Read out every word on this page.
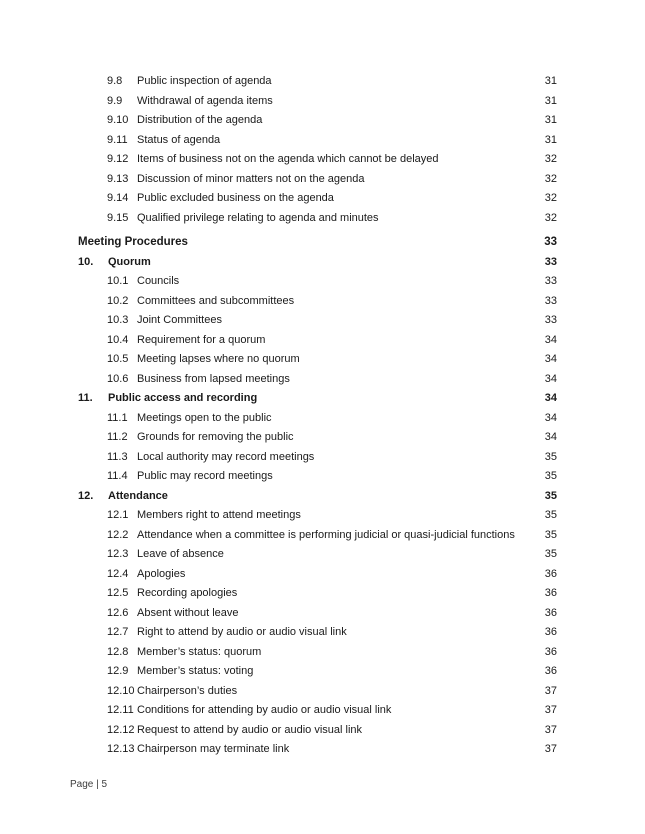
9.8	Public inspection of agenda	31
9.9	Withdrawal of agenda items	31
9.10 Distribution of the agenda	31
9.11 Status of agenda	31
9.12 Items of business not on the agenda which cannot be delayed	32
9.13 Discussion of minor matters not on the agenda	32
9.14 Public excluded business on the agenda	32
9.15 Qualified privilege relating to agenda and minutes	32
Meeting Procedures	33
10.	Quorum	33
10.1 Councils	33
10.2 Committees and subcommittees	33
10.3 Joint Committees	33
10.4 Requirement for a quorum	34
10.5 Meeting lapses where no quorum	34
10.6 Business from lapsed meetings	34
11.	Public access and recording	34
11.1 Meetings open to the public	34
11.2 Grounds for removing the public	34
11.3 Local authority may record meetings	35
11.4 Public may record meetings	35
12.	Attendance	35
12.1 Members right to attend meetings	35
12.2 Attendance when a committee is performing judicial or quasi-judicial functions	35
12.3 Leave of absence	35
12.4 Apologies	36
12.5 Recording apologies	36
12.6 Absent without leave	36
12.7 Right to attend by audio or audio visual link	36
12.8 Member’s status: quorum	36
12.9 Member’s status: voting	36
12.10 Chairperson’s duties	37
12.11 Conditions for attending by audio or audio visual link	37
12.12 Request to attend by audio or audio visual link	37
12.13 Chairperson may terminate link	37
Page | 5
